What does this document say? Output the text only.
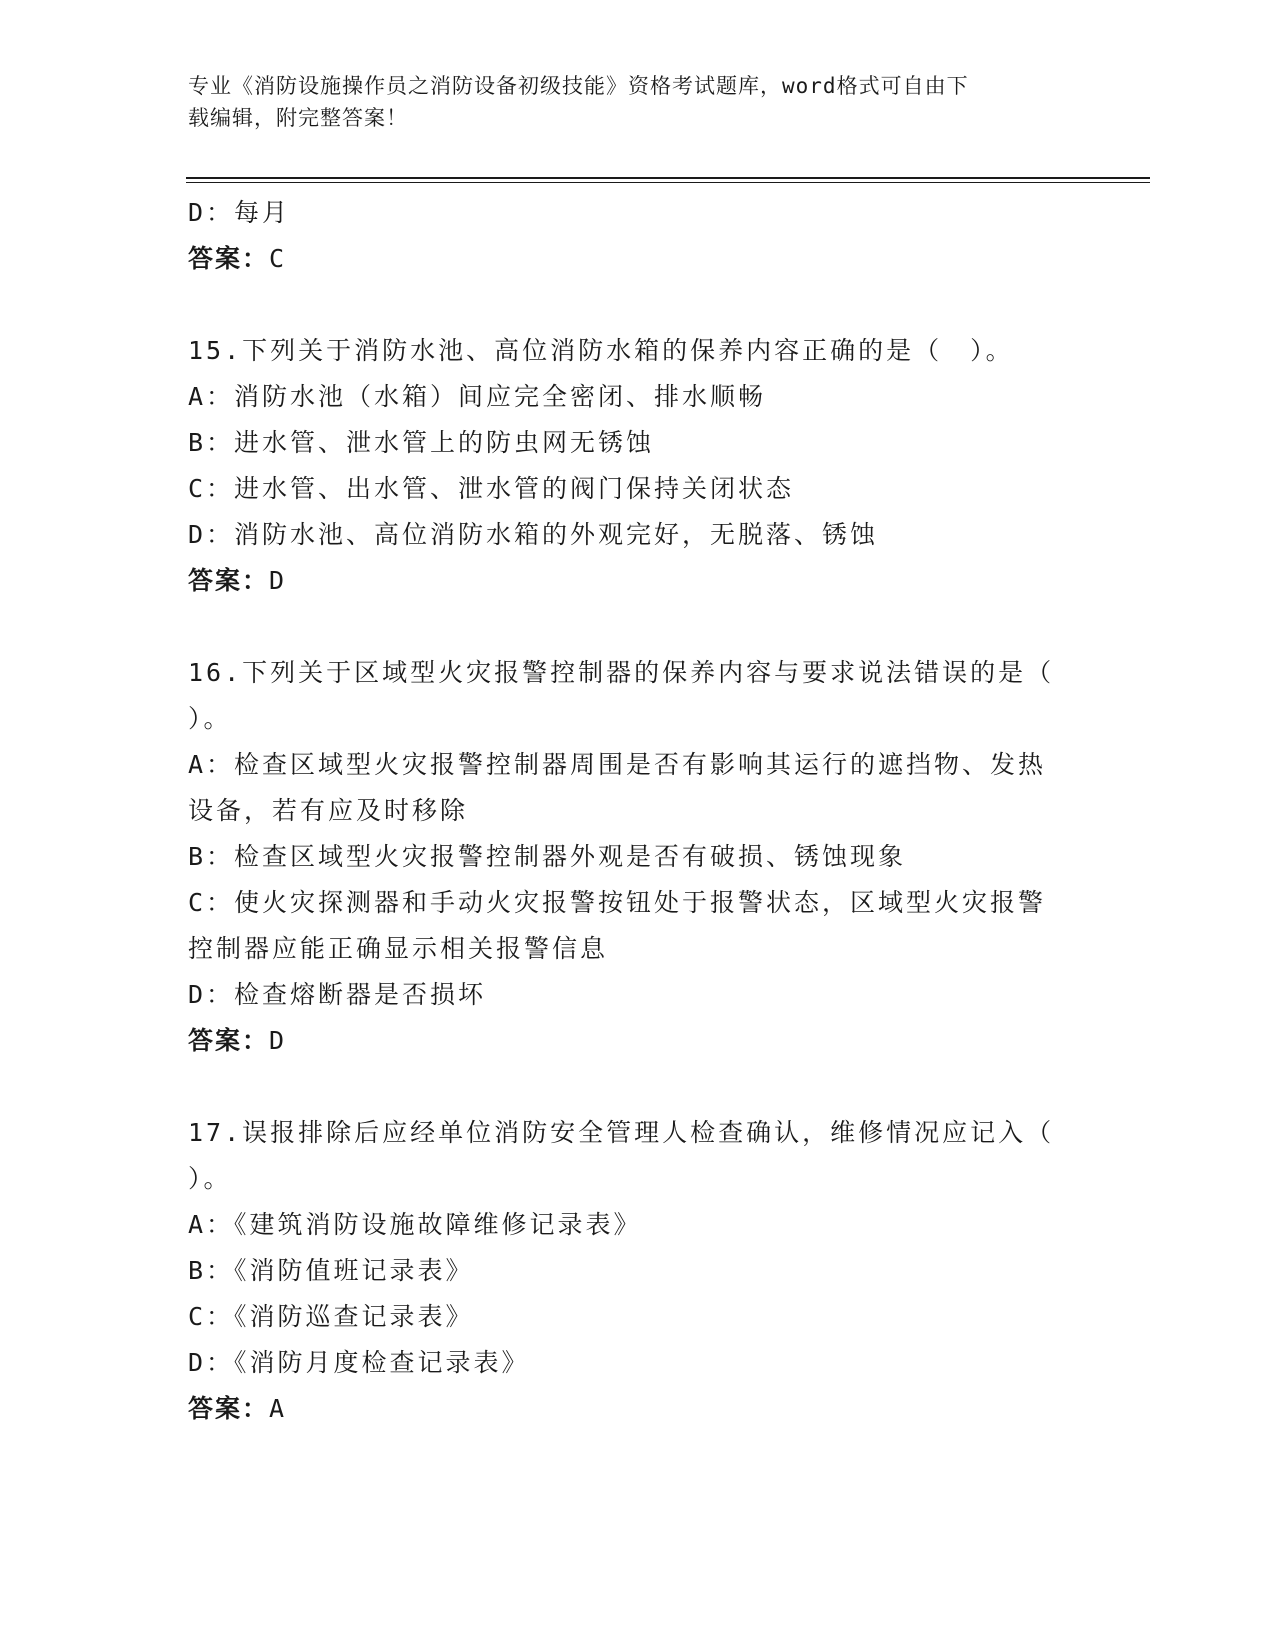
专业《消防设施操作员之消防设备初级技能》资格考试题库，word格式可自由下
载编辑，附完整答案！
D：每月
答案：C
15.下列关于消防水池、高位消防水箱的保养内容正确的是（　）。
A：消防水池（水箱）间应完全密闭、排水顺畅
B：进水管、泄水管上的防虫网无锈蚀
C：进水管、出水管、泄水管的阀门保持关闭状态
D：消防水池、高位消防水箱的外观完好，无脱落、锈蚀
答案：D
16.下列关于区域型火灾报警控制器的保养内容与要求说法错误的是（
）。
A：检查区域型火灾报警控制器周围是否有影响其运行的遮挡物、发热
设备，若有应及时移除
B：检查区域型火灾报警控制器外观是否有破损、锈蚀现象
C：使火灾探测器和手动火灾报警按钮处于报警状态，区域型火灾报警
控制器应能正确显示相关报警信息
D：检查熔断器是否损坏
答案：D
17.误报排除后应经单位消防安全管理人检查确认，维修情况应记入（
）。
A：《建筑消防设施故障维修记录表》
B：《消防值班记录表》
C：《消防巡查记录表》
D：《消防月度检查记录表》
答案：A
